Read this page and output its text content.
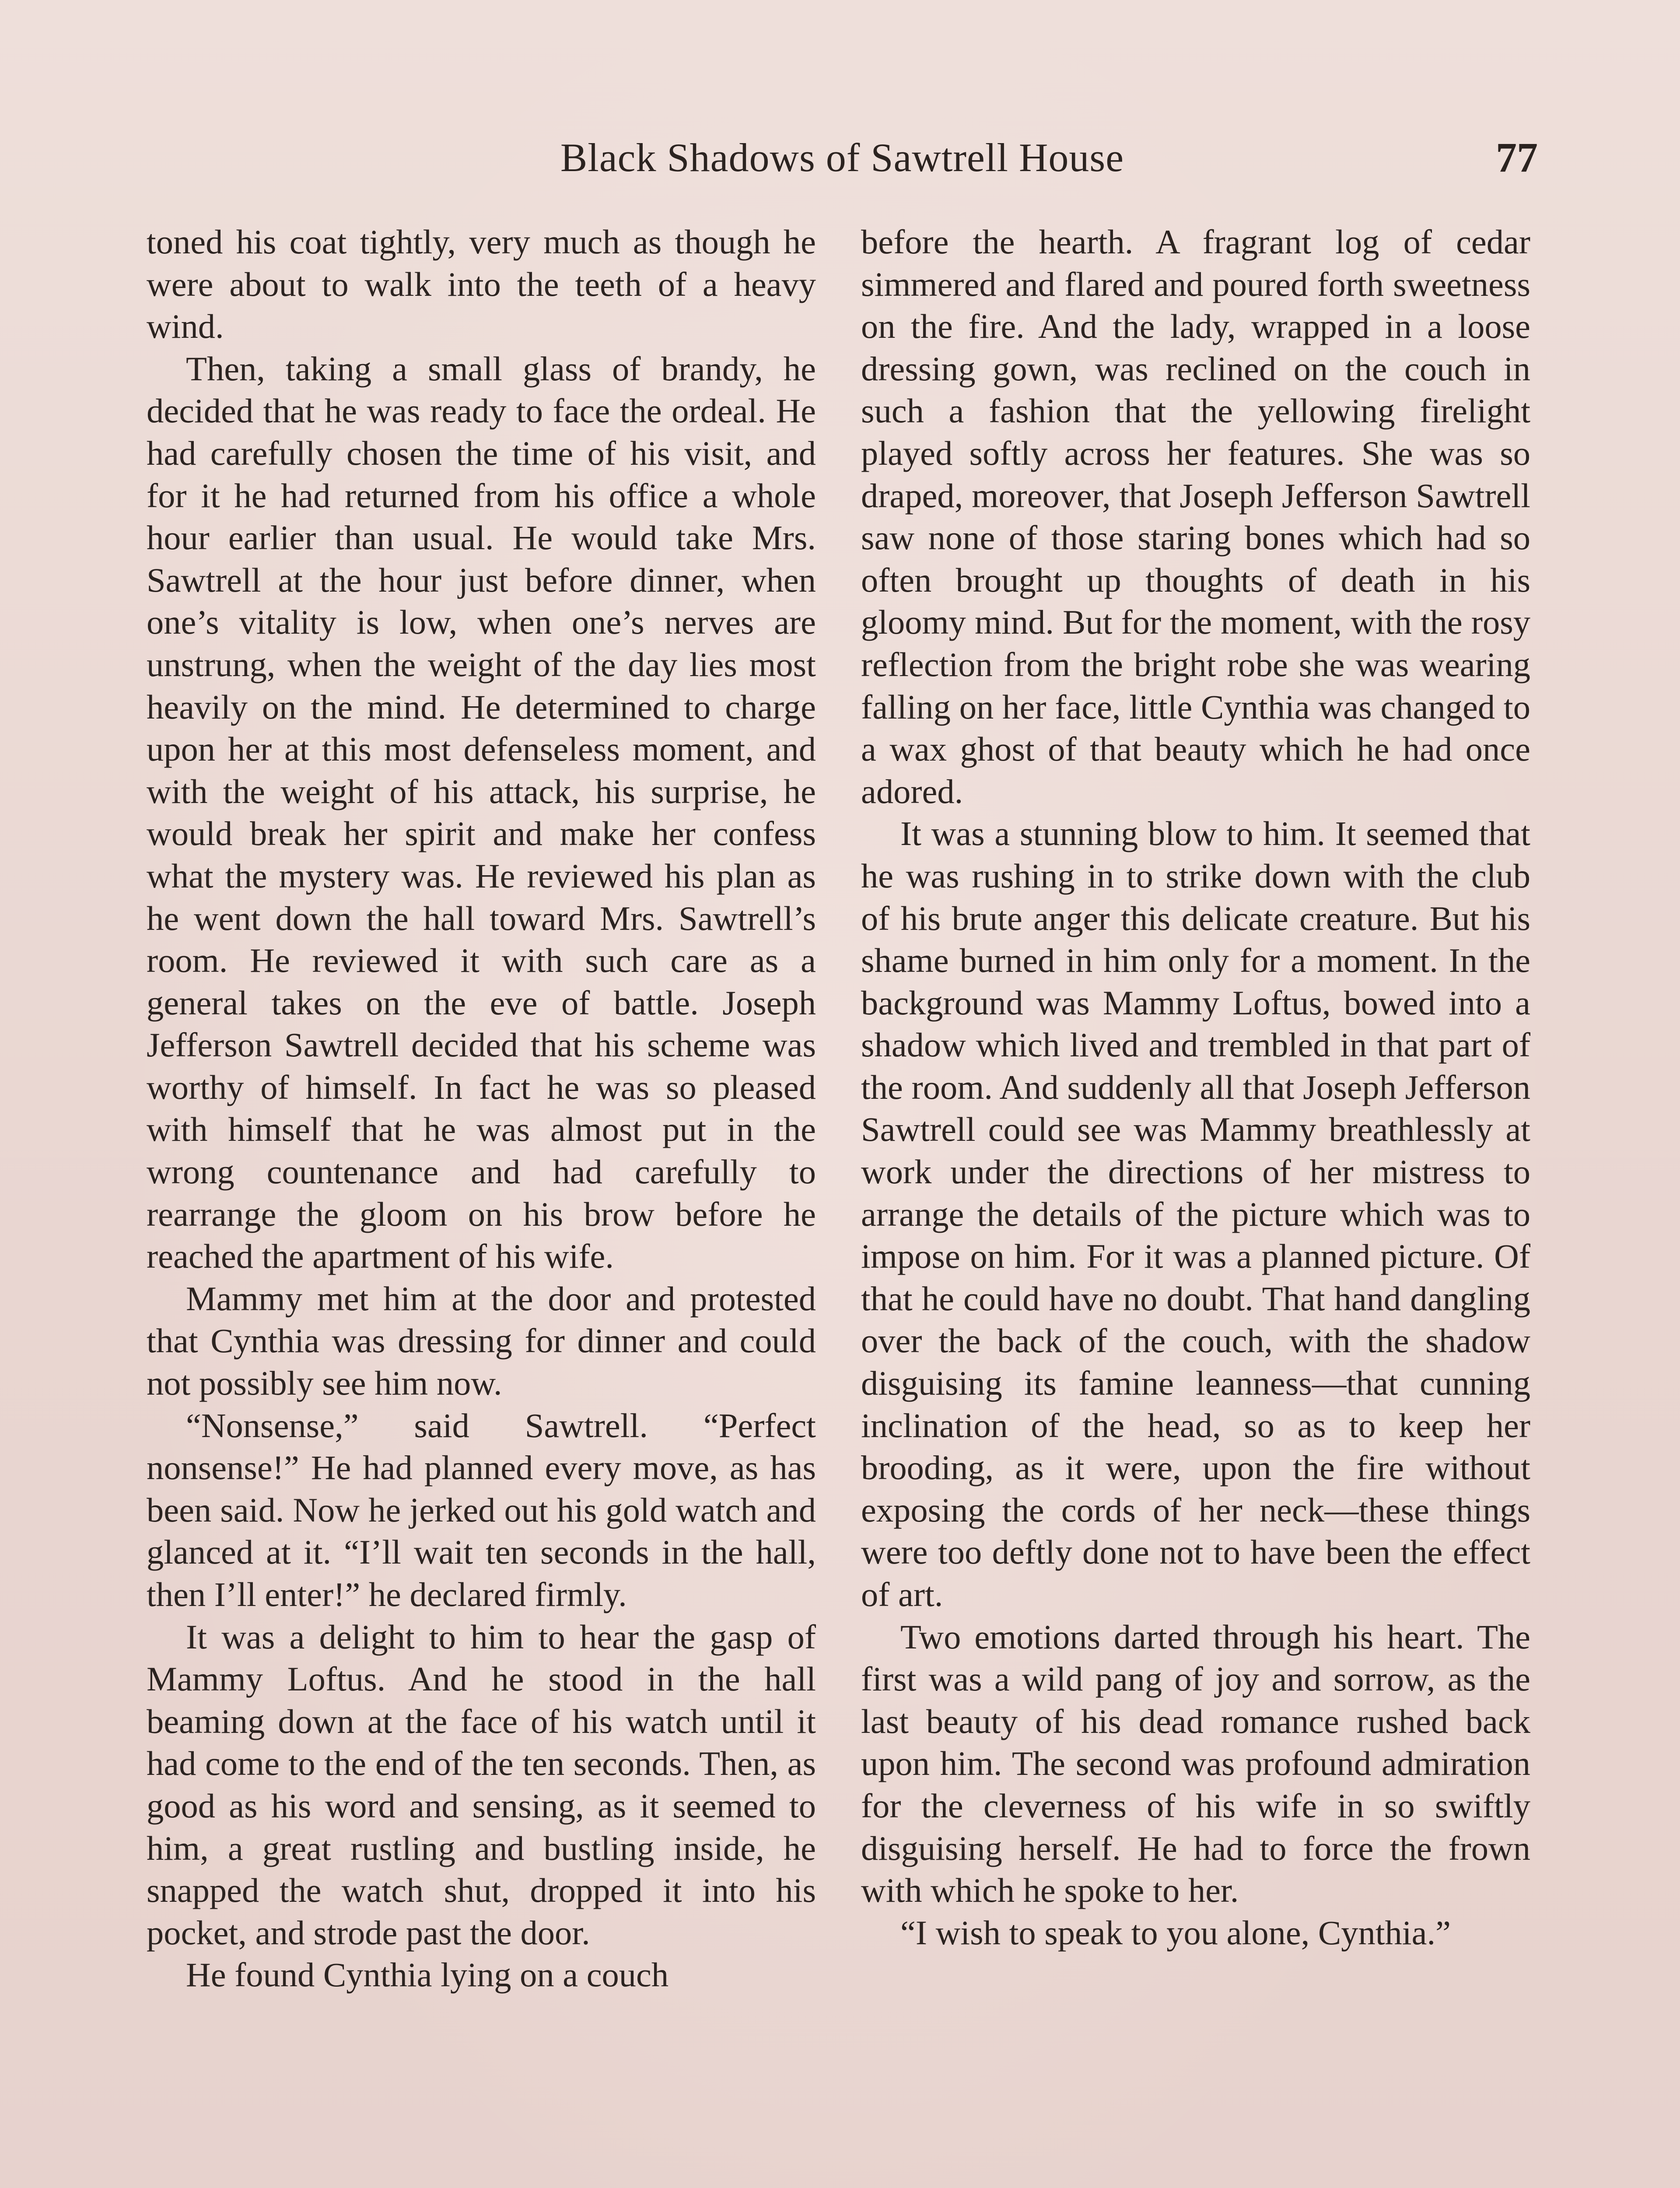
Black Shadows of Sawtrell House	77

toned his coat tightly, very much as though he were about to walk into the teeth of a heavy wind.

Then, taking a small glass of brandy, he decided that he was ready to face the ordeal. He had carefully chosen the time of his visit, and for it he had returned from his office a whole hour earlier than usual. He would take Mrs. Sawtrell at the hour just before dinner, when one’s vitality is low, when one’s nerves are unstrung, when the weight of the day lies most heavily on the mind. He determined to charge upon her at this most defenseless moment, and with the weight of his attack, his surprise, he would break her spirit and make her confess what the mystery was. He reviewed his plan as he went down the hall toward Mrs. Sawtrell’s room. He reviewed it with such care as a general takes on the eve of battle. Joseph Jefferson Sawtrell decided that his scheme was worthy of himself. In fact he was so pleased with himself that he was almost put in the wrong countenance and had carefully to rearrange the gloom on his brow before he reached the apartment of his wife.

Mammy met him at the door and protested that Cynthia was dressing for dinner and could not possibly see him now.

“Nonsense,” said Sawtrell. “Perfect nonsense!” He had planned every move, as has been said. Now he jerked out his gold watch and glanced at it. “I’ll wait ten seconds in the hall, then I’ll enter!” he declared firmly.

It was a delight to him to hear the gasp of Mammy Loftus. And he stood in the hall beaming down at the face of his watch until it had come to the end of the ten seconds. Then, as good as his word and sensing, as it seemed to him, a great rustling and bustling inside, he snapped the watch shut, dropped it into his pocket, and strode past the door.

He found Cynthia lying on a couch

before the hearth. A fragrant log of cedar simmered and flared and poured forth sweetness on the fire. And the lady, wrapped in a loose dressing gown, was reclined on the couch in such a fashion that the yellowing firelight played softly across her features. She was so draped, moreover, that Joseph Jefferson Sawtrell saw none of those staring bones which had so often brought up thoughts of death in his gloomy mind. But for the moment, with the rosy reflection from the bright robe she was wearing falling on her face, little Cynthia was changed to a wax ghost of that beauty which he had once adored.

It was a stunning blow to him. It seemed that he was rushing in to strike down with the club of his brute anger this delicate creature. But his shame burned in him only for a moment. In the background was Mammy Loftus, bowed into a shadow which lived and trembled in that part of the room. And suddenly all that Joseph Jefferson Sawtrell could see was Mammy breathlessly at work under the directions of her mistress to arrange the details of the picture which was to impose on him. For it was a planned picture. Of that he could have no doubt. That hand dangling over the back of the couch, with the shadow disguising its famine leanness—that cunning inclination of the head, so as to keep her brooding, as it were, upon the fire without exposing the cords of her neck—these things were too deftly done not to have been the effect of art.

Two emotions darted through his heart. The first was a wild pang of joy and sorrow, as the last beauty of his dead romance rushed back upon him. The second was profound admiration for the cleverness of his wife in so swiftly disguising herself. He had to force the frown with which he spoke to her.

“I wish to speak to you alone, Cynthia.”
